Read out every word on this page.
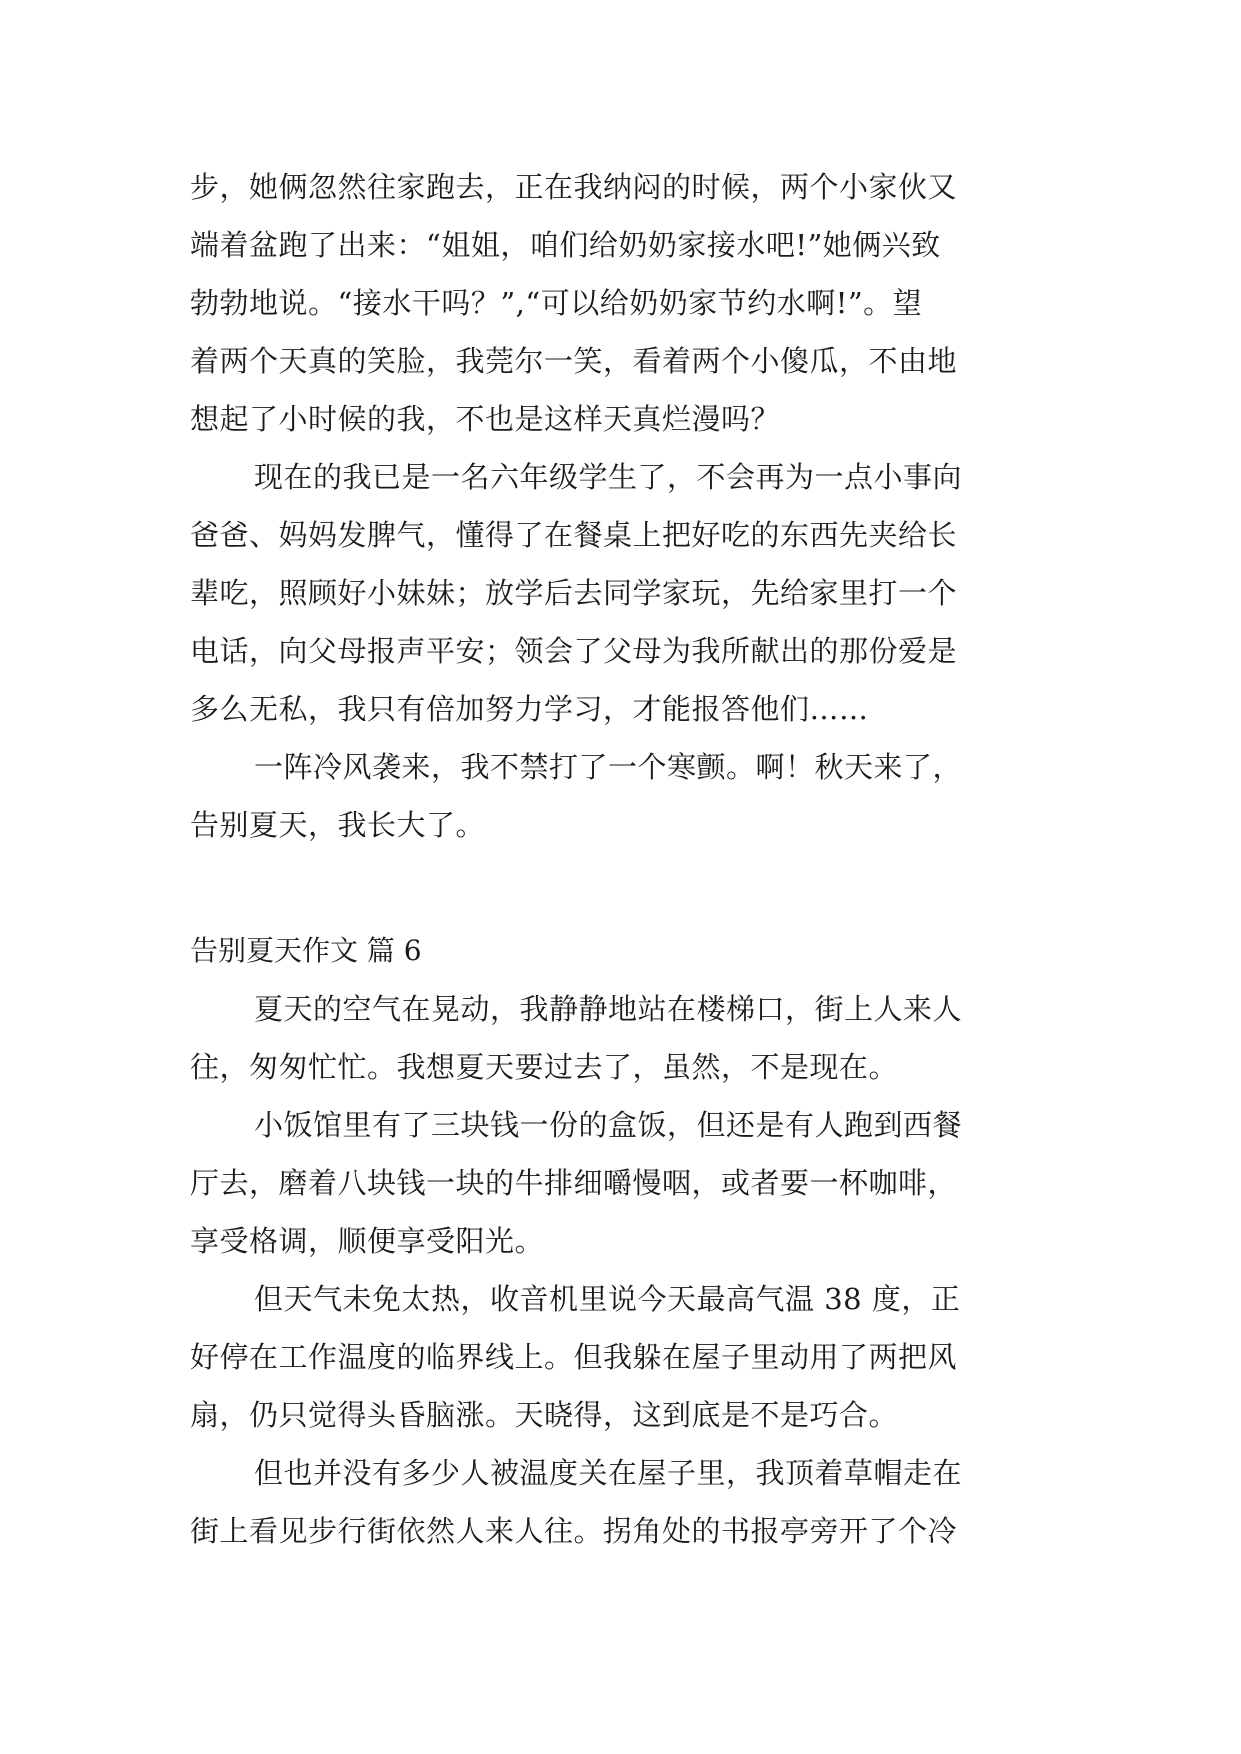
步，她俩忽然往家跑去，正在我纳闷的时候，两个小家伙又
端着盆跑了出来：“姐姐，咱们给奶奶家接水吧!”她俩兴致
勃勃地说。“接水干吗？”,“可以给奶奶家节约水啊!”。望
着两个天真的笑脸，我莞尔一笑，看着两个小傻瓜，不由地
想起了小时候的我，不也是这样天真烂漫吗？
现在的我已是一名六年级学生了，不会再为一点小事向
爸爸、妈妈发脾气，懂得了在餐桌上把好吃的东西先夹给长
辈吃，照顾好小妹妹；放学后去同学家玩，先给家里打一个
电话，向父母报声平安；领会了父母为我所献出的那份爱是
多么无私，我只有倍加努力学习，才能报答他们……
一阵冷风袭来，我不禁打了一个寒颤。啊！秋天来了，
告别夏天，我长大了。
告别夏天作文 篇 6
夏天的空气在晃动，我静静地站在楼梯口，街上人来人
往，匆匆忙忙。我想夏天要过去了，虽然，不是现在。
小饭馆里有了三块钱一份的盒饭，但还是有人跑到西餐
厅去，磨着八块钱一块的牛排细嚼慢咽，或者要一杯咖啡，
享受格调，顺便享受阳光。
但天气未免太热，收音机里说今天最高气温 38 度，正
好停在工作温度的临界线上。但我躲在屋子里动用了两把风
扇，仍只觉得头昏脑涨。天晓得，这到底是不是巧合。
但也并没有多少人被温度关在屋子里，我顶着草帽走在
街上看见步行街依然人来人往。拐角处的书报亭旁开了个冷
